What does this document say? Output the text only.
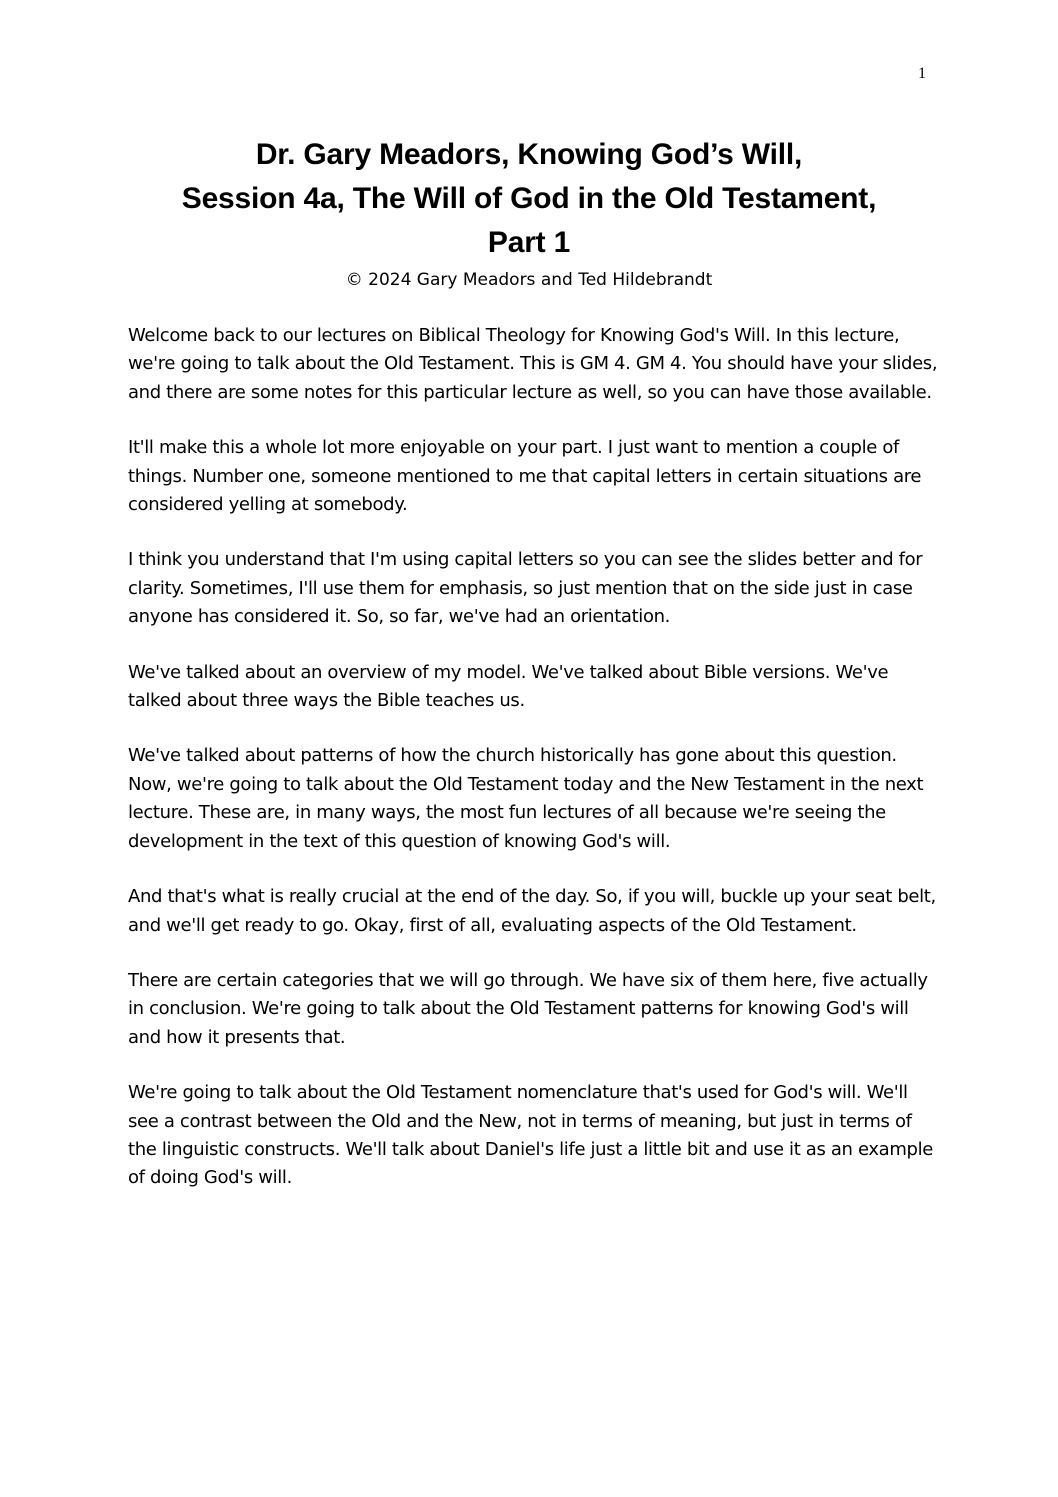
1
Dr. Gary Meadors, Knowing God’s Will,
Session 4a, The Will of God in the Old Testament,
Part 1
© 2024 Gary Meadors and Ted Hildebrandt

Welcome back to our lectures on Biblical Theology for Knowing God's Will. In this lecture, we're going to talk about the Old Testament. This is GM 4. GM 4. You should have your slides, and there are some notes for this particular lecture as well, so you can have those available.

It'll make this a whole lot more enjoyable on your part. I just want to mention a couple of things. Number one, someone mentioned to me that capital letters in certain situations are considered yelling at somebody.

I think you understand that I'm using capital letters so you can see the slides better and for clarity. Sometimes, I'll use them for emphasis, so just mention that on the side just in case anyone has considered it. So, so far, we've had an orientation.

We've talked about an overview of my model. We've talked about Bible versions. We've talked about three ways the Bible teaches us.

We've talked about patterns of how the church historically has gone about this question. Now, we're going to talk about the Old Testament today and the New Testament in the next lecture. These are, in many ways, the most fun lectures of all because we're seeing the development in the text of this question of knowing God's will.

And that's what is really crucial at the end of the day. So, if you will, buckle up your seat belt, and we'll get ready to go. Okay, first of all, evaluating aspects of the Old Testament.

There are certain categories that we will go through. We have six of them here, five actually in conclusion. We're going to talk about the Old Testament patterns for knowing God's will and how it presents that.

We're going to talk about the Old Testament nomenclature that's used for God's will. We'll see a contrast between the Old and the New, not in terms of meaning, but just in terms of the linguistic constructs. We'll talk about Daniel's life just a little bit and use it as an example of doing God's will.
